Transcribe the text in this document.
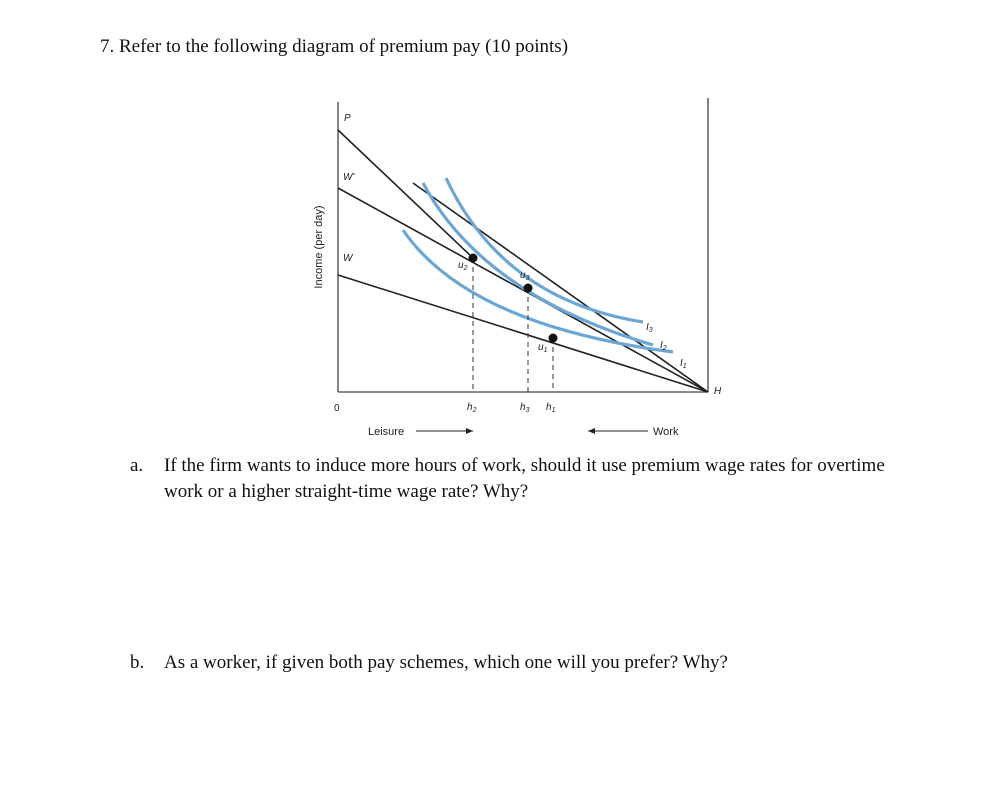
7. Refer to the following diagram of premium pay (10 points)
Income (per day)
P
W'
W
H
0
$u_2$
$u_3$
$u_1$
$I_3$
$I_2$
$I_1$
$h_2$	$h_3$ $h_1$
Leisure	Work
a. If the firm wants to induce more hours of work, should it use premium wage rates for overtime work or a higher straight-time wage rate? Why?
b. As a worker, if given both pay schemes, which one will you prefer? Why?
